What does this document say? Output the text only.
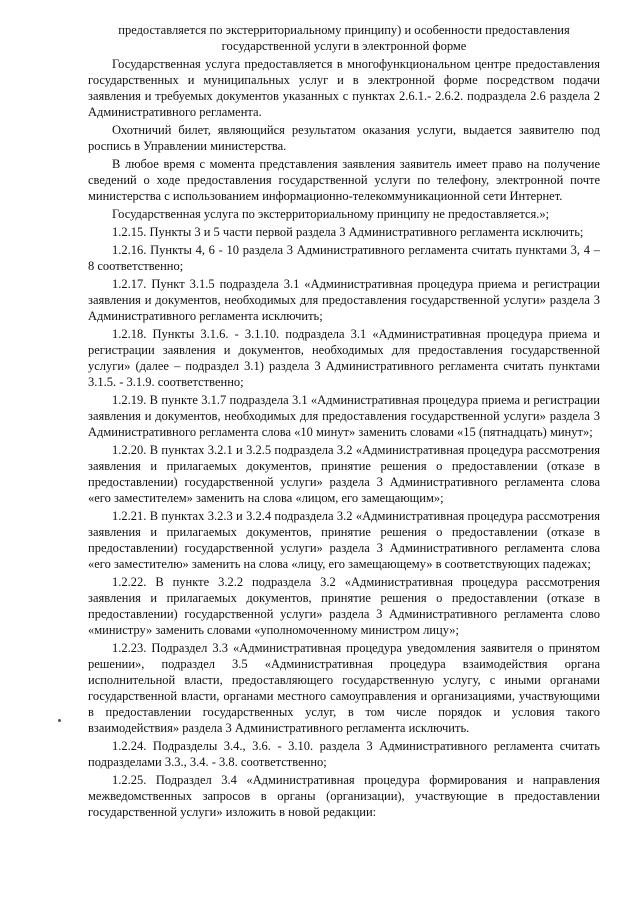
предоставляется по экстерриториальному принципу) и особенности предоставления
государственной услуги в электронной форме

Государственная услуга предоставляется в многофункциональном центре предоставления государственных и муниципальных услуг и в электронной форме посредством подачи заявления и требуемых документов указанных с пунктах 2.6.1.- 2.6.2. подраздела 2.6 раздела 2 Административного регламента.

Охотничий билет, являющийся результатом оказания услуги, выдается заявителю под роспись в Управлении министерства.

В любое время с момента представления заявления заявитель имеет право на получение сведений о ходе предоставления государственной услуги по телефону, электронной почте министерства с использованием информационно-телекоммуникационной сети Интернет.

Государственная услуга по экстерриториальному принципу не предоставляется.»;

1.2.15. Пункты 3 и 5 части первой раздела 3 Административного регламента исключить;

1.2.16. Пункты 4, 6 - 10 раздела 3 Административного регламента считать пунктами 3, 4 – 8 соответственно;

1.2.17. Пункт 3.1.5 подраздела 3.1 «Административная процедура приема и регистрации заявления и документов, необходимых для предоставления государственной услуги» раздела 3 Административного регламента исключить;

1.2.18. Пункты 3.1.6. - 3.1.10. подраздела 3.1 «Административная процедура приема и регистрации заявления и документов, необходимых для предоставления государственной услуги» (далее – подраздел 3.1) раздела 3 Административного регламента считать пунктами 3.1.5. - 3.1.9. соответственно;

1.2.19. В пункте 3.1.7 подраздела 3.1 «Административная процедура приема и регистрации заявления и документов, необходимых для предоставления государственной услуги» раздела 3 Административного регламента слова «10 минут» заменить словами «15 (пятнадцать) минут»;

1.2.20. В пунктах 3.2.1 и 3.2.5 подраздела 3.2 «Административная процедура рассмотрения заявления и прилагаемых документов, принятие решения о предоставлении (отказе в предоставлении) государственной услуги» раздела 3 Административного регламента слова «его заместителем» заменить на слова «лицом, его замещающим»;

1.2.21. В пунктах 3.2.3 и 3.2.4 подраздела 3.2 «Административная процедура рассмотрения заявления и прилагаемых документов, принятие решения о предоставлении (отказе в предоставлении) государственной услуги» раздела 3 Административного регламента слова «его заместителю» заменить на слова «лицу, его замещающему» в соответствующих падежах;

1.2.22. В пункте 3.2.2 подраздела 3.2 «Административная процедура рассмотрения заявления и прилагаемых документов, принятие решения о предоставлении (отказе в предоставлении) государственной услуги» раздела 3 Административного регламента слово «министру» заменить словами «уполномоченному министром лицу»;

1.2.23. Подраздел 3.3 «Административная процедура уведомления заявителя о принятом решении», подраздел 3.5 «Административная процедура взаимодействия органа исполнительной власти, предоставляющего государственную услугу, с иными органами государственной власти, органами местного самоуправления и организациями, участвующими в предоставлении государственных услуг, в том числе порядок и условия такого взаимодействия» раздела 3 Административного регламента исключить.

1.2.24. Подразделы 3.4., 3.6. - 3.10. раздела 3 Административного регламента считать подразделами 3.3., 3.4. - 3.8. соответственно;

1.2.25. Подраздел 3.4 «Административная процедура формирования и направления межведомственных запросов в органы (организации), участвующие в предоставлении государственной услуги» изложить в новой редакции:
